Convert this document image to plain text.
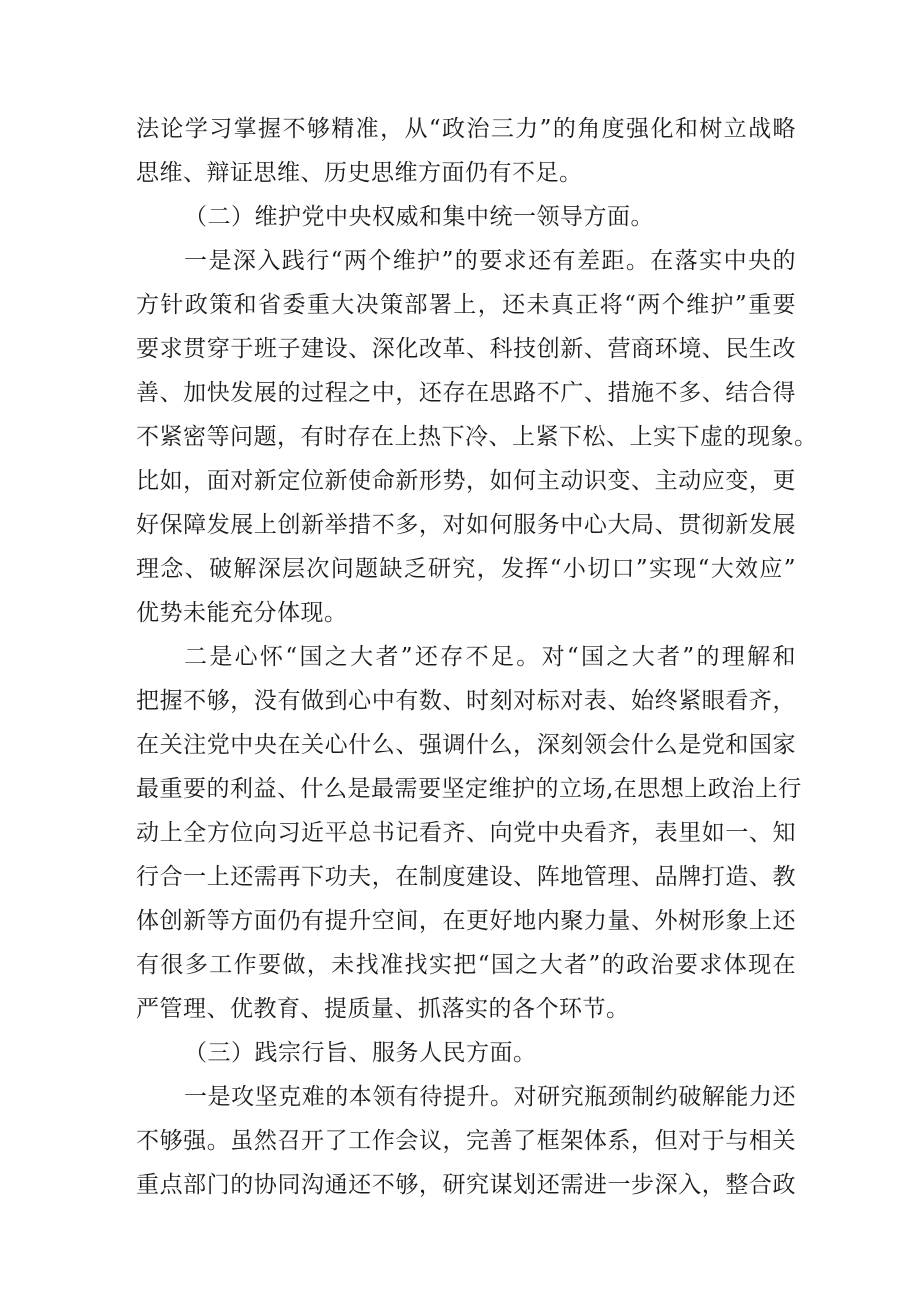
法论学习掌握不够精准，从“政治三力”的角度强化和树立战略
思维、辩证思维、历史思维方面仍有不足。
（二）维护党中央权威和集中统一领导方面。
一是深入践行“两个维护”的要求还有差距。在落实中央的
方针政策和省委重大决策部署上，还未真正将“两个维护”重要
要求贯穿于班子建设、深化改革、科技创新、营商环境、民生改
善、加快发展的过程之中，还存在思路不广、措施不多、结合得
不紧密等问题，有时存在上热下冷、上紧下松、上实下虚的现象。
比如，面对新定位新使命新形势，如何主动识变、主动应变，更
好保障发展上创新举措不多，对如何服务中心大局、贯彻新发展
理念、破解深层次问题缺乏研究，发挥“小切口”实现“大效应”
优势未能充分体现。
二是心怀“国之大者”还存不足。对“国之大者”的理解和
把握不够，没有做到心中有数、时刻对标对表、始终紧眼看齐，
在关注党中央在关心什么、强调什么，深刻领会什么是党和国家
最重要的利益、什么是最需要坚定维护的立场,在思想上政治上行
动上全方位向习近平总书记看齐、向党中央看齐，表里如一、知
行合一上还需再下功夫，在制度建设、阵地管理、品牌打造、教
体创新等方面仍有提升空间，在更好地内聚力量、外树形象上还
有很多工作要做，未找准找实把“国之大者”的政治要求体现在
严管理、优教育、提质量、抓落实的各个环节。
（三）践宗行旨、服务人民方面。
一是攻坚克难的本领有待提升。对研究瓶颈制约破解能力还
不够强。虽然召开了工作会议，完善了框架体系，但对于与相关
重点部门的协同沟通还不够，研究谋划还需进一步深入，整合政
